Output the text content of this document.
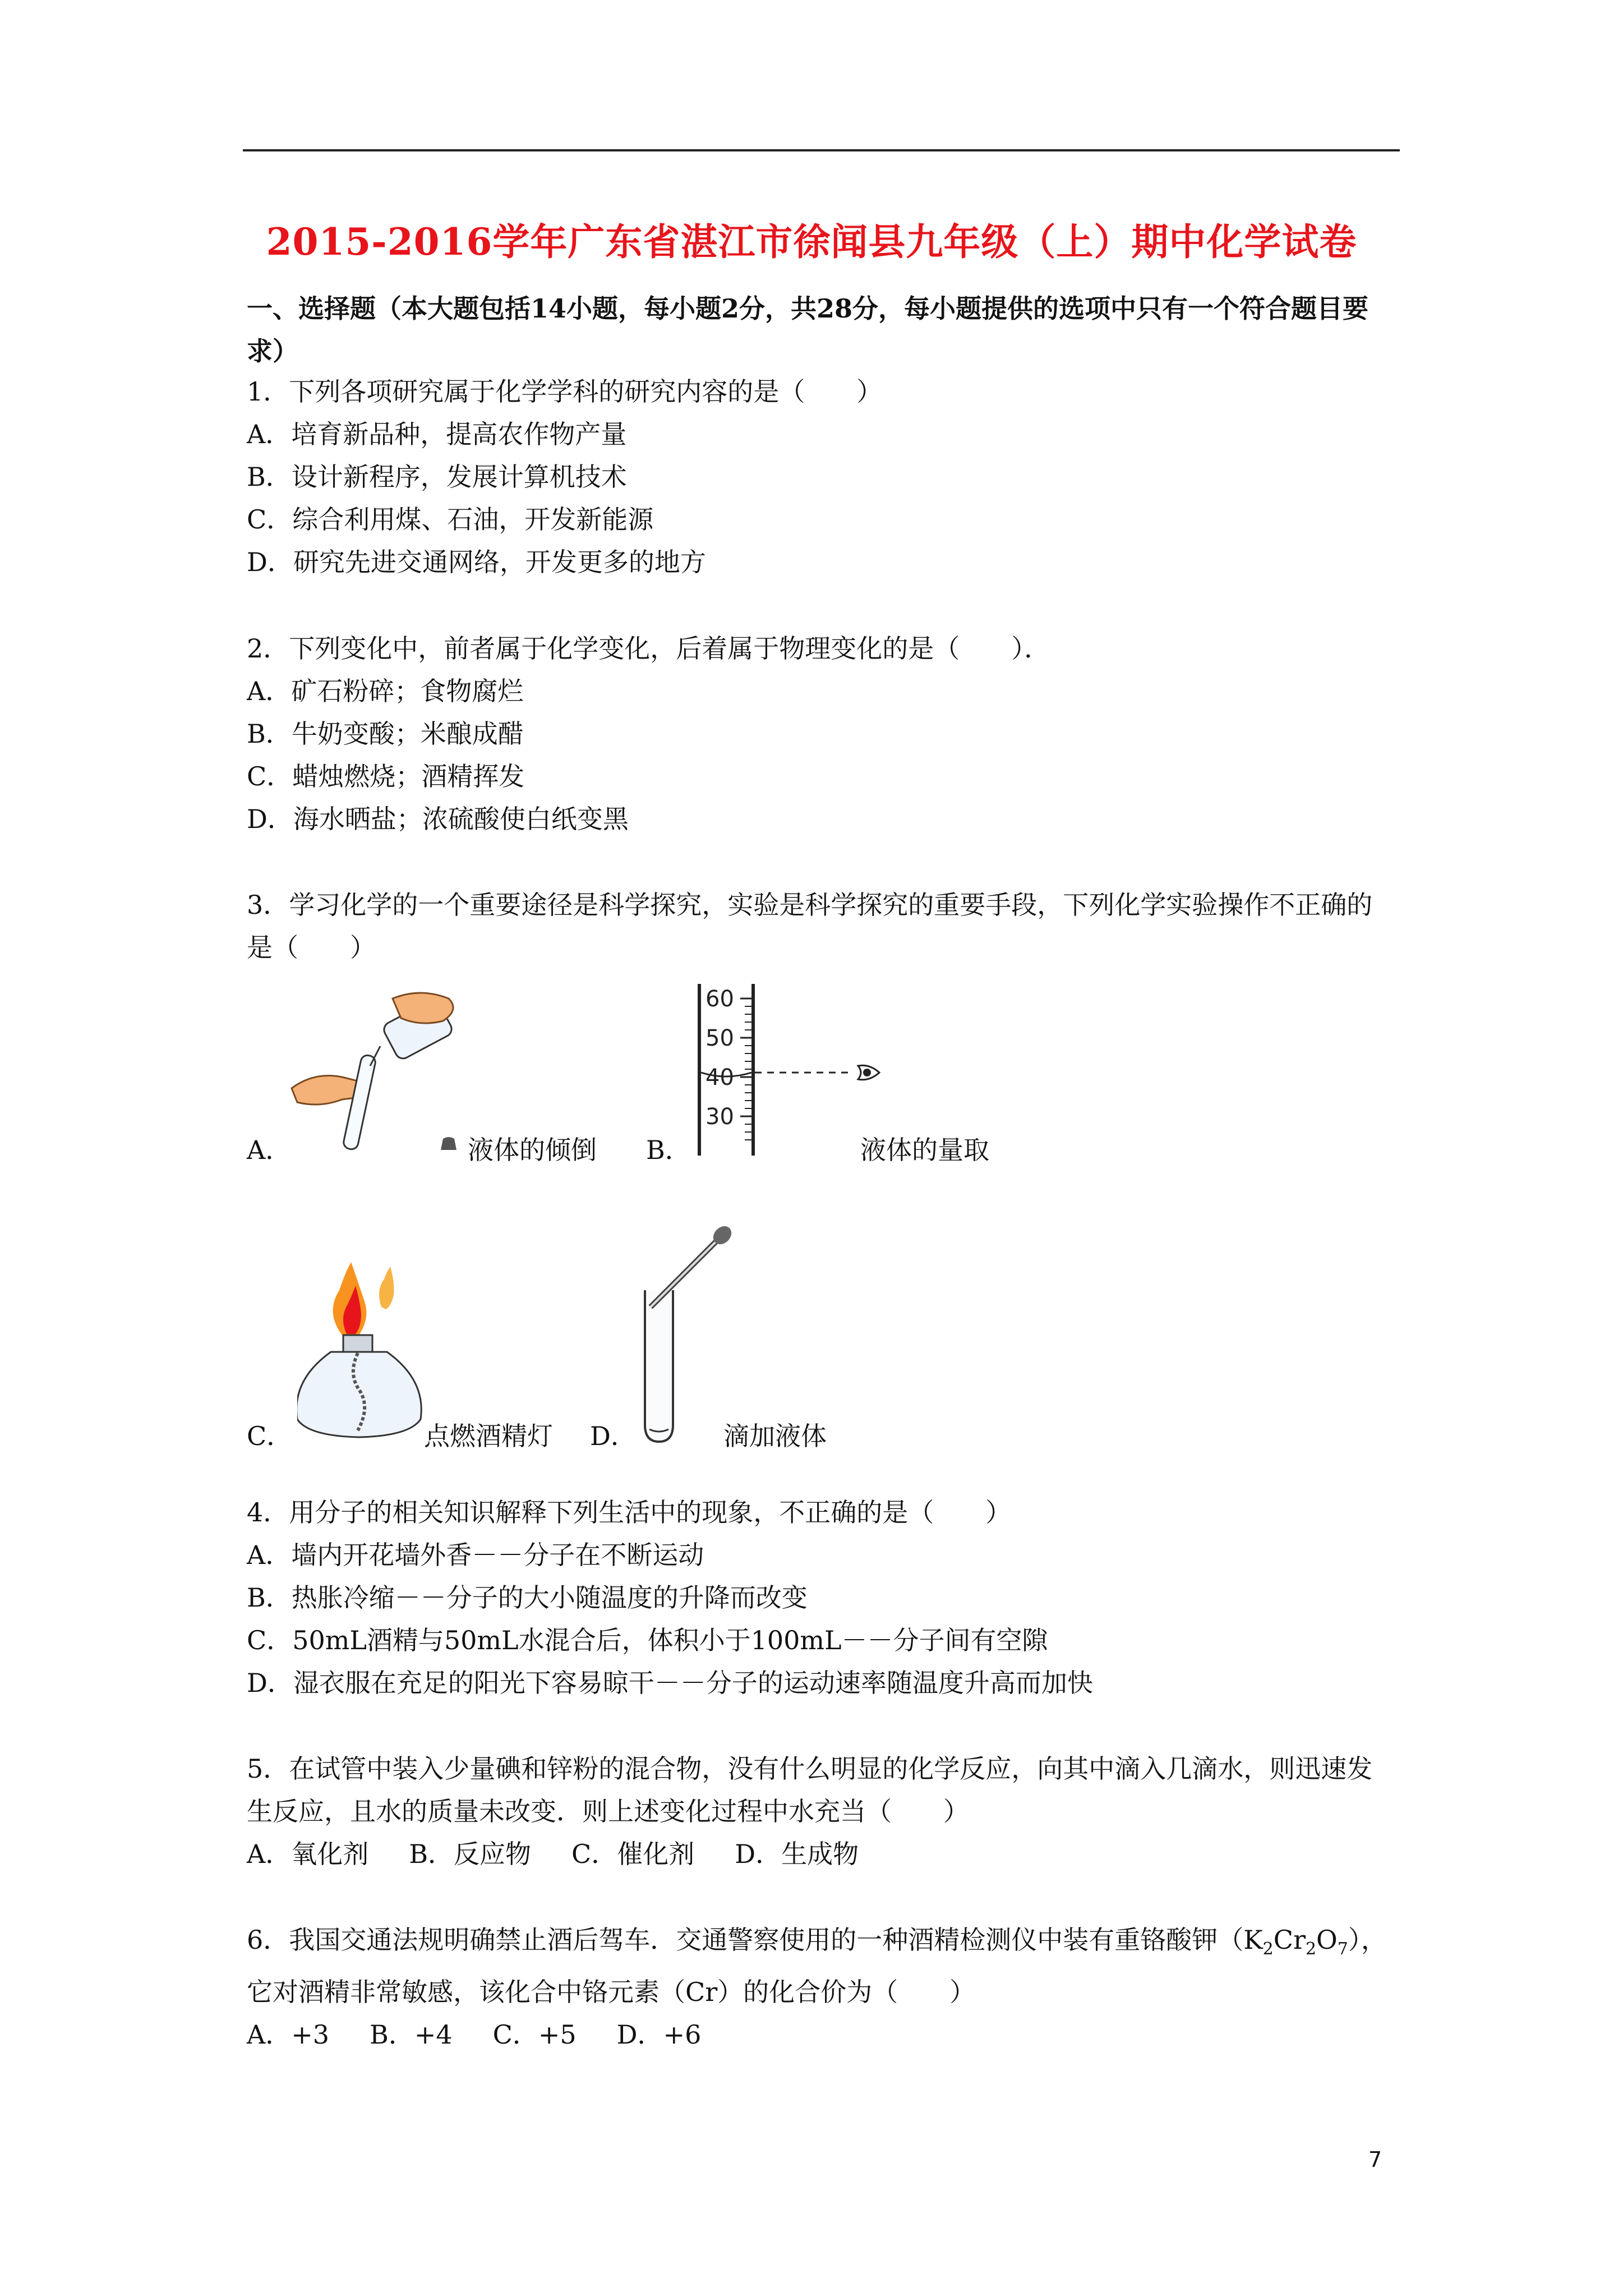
2015-2016学年广东省湛江市徐闻县九年级（上）期中化学试卷
一、选择题（本大题包括14小题，每小题2分，共28分，每小题提供的选项中只有一个符合题目要求）
1．下列各项研究属于化学学科的研究内容的是（　　）
A．培育新品种，提高农作物产量
B．设计新程序，发展计算机技术
C．综合利用煤、石油，开发新能源
D．研究先进交通网络，开发更多的地方
2．下列变化中，前者属于化学变化，后着属于物理变化的是（　　）．
A．矿石粉碎；食物腐烂
B．牛奶变酸；米酿成醋
C．蜡烛燃烧；酒精挥发
D．海水晒盐；浓硫酸使白纸变黑
3．学习化学的一个重要途径是科学探究，实验是科学探究的重要手段，下列化学实验操作不正确的是（　　）
A．	液体的倾倒 B．
60
50
40
30
液体的量取
C．	点燃酒精灯 D．	滴加液体
4．用分子的相关知识解释下列生活中的现象，不正确的是（　　）
A．墙内开花墙外香－－分子在不断运动
B．热胀冷缩－－分子的大小随温度的升降而改变
C．50mL酒精与50mL水混合后，体积小于100mL－－分子间有空隙
D．湿衣服在充足的阳光下容易晾干－－分子的运动速率随温度升高而加快
5．在试管中装入少量碘和锌粉的混合物，没有什么明显的化学反应，向其中滴入几滴水，则迅速发生反应，且水的质量未改变．则上述变化过程中水充当（　　）
A．氧化剂 B．反应物 C．催化剂 D．生成物
6．我国交通法规明确禁止酒后驾车．交通警察使用的一种酒精检测仪中装有重铬酸钾$(K_2Cr_2O_7)$，它对酒精非常敏感，该化合中铬元素（Cr）的化合价为（　　）
A．+3 B．+4 C．+5 D．+6
7
